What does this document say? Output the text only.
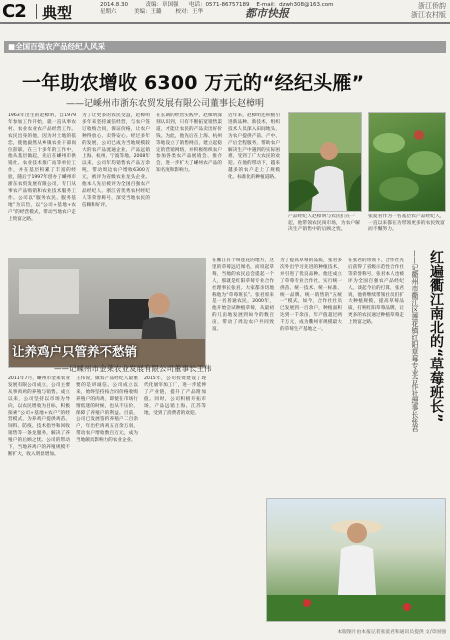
C2 典型	2014.8.30          责编：章国强      电话：0571-86757189    E-mail：dzwh308@163.com
星期六          美编：王璐        校对：王华	都市快报
浙江侨韵
浙江农村版
■全国百强农产品经纪人风采
一年助农增收 6300 万元的“经纪头雁”
——记嵊州市浙东农贸发展有限公司董事长赵樟明
1963年出生的赵樟明，自1979年参加工作开始，就一直从事农村、农业农业农产品经营工作。农民出身的他，因为对土地的依恋，使他毅然从乡镇农业干部岗位辞职。在三十多年的工作中，他从基层做起，先后在嵊州市供销社、农业技术推广站等单位工作，并在基层积累了丰富的经验，随后于1997年创办了嵊州市浙东农贸发展有限公司，专门从事农产品购销和农业技术服务工作。公司以“服务农民、服务基地”为宗旨，以“公司+基地+农户”的经营模式，带动当地农户走上致富之路。
为了让更多的农民受益，赵樟明多年来坚持诚信经营，与农户签订收购合同，保证价格，让农户种得放心、卖得安心。经过多年的发展，公司已成为当地规模较大的农产品流通企业，产品远销上海、杭州、宁波等地。2008年以来，公司年均销售农产品万余吨，带动周边农户增收6300万元，被评为省级农业龙头企业。他本人先后被评为全国百强农产品经纪人、浙江省优秀农村经纪人等荣誉称号，深受当地农民的信赖和好评。
在长期的经营实践中，赵樟明深刻认识到，只有不断拓宽销售渠道，才能让农民的产品卖出好价钱。为此，他先后在上海、杭州等地设立了销售网点，建立起稳定的营销网络，并积极组织农户参加各类农产品展销会、推介会，进一步扩大了嵊州农产品的知名度和影响力。
近年来，赵樟明还积极引进新品种、新技术，组织技术人员深入田间地头，为农户提供产前、产中、产后全程服务，帮助农户解决生产中遇到的实际困难，受到了广大农民的欢迎。在他的带动下，越来越多的农户走上了规模化、标准化的种植道路。
产品经纪人赵樟明与农民们在一起，他带领农民闯市场，为农户解决生产销售中的后顾之忧。
张爱君作为一名基层农产品经纪人，一直以来都在为带领更多的农民致富而不懈努力。
让养鸡户只管养不愁销
——记嵊州市金莱农业发展有限公司董事长王伟
2011年7月，嵊州市金莱农业发展有限公司成立，公司主要从事肉鸡的养殖与销售。成立以来，公司坚持以市场为导向，以农民增收为目标，积极探索“公司+基地+农户”的经营模式，为养鸡户提供鸡苗、饲料、防疫、技术指导和回收销售等一条龙服务，解决了养殖户的后顾之忧。公司的带动下，当地养鸡户的养殖规模不断扩大，收入明显增加。
王伟说，做农产品经纪人最重要的是讲诚信。公司成立以来，始终坚持按合同价格收购养殖户的肉鸡，即使在市场行情低迷的时候，也从不压价，保障了养殖户的利益。目前，公司已发展签约养殖户二百余户，年出栏肉鸡五百余万羽，带动农户增收数百万元，成为当地颇具影响力的农业企业。
2015年，公司投资建设了现代化屠宰加工厂，进一步延伸了产业链，提升了产品附加值。同时，公司积极开拓市场，产品远销上海、江苏等地，受到了消费者的欢迎。
在衢江有个叫莲花的地方，这里的草莓远近闻名，而说起草莓，当地的农民总会提起一个人，那就是红阳草莓专业合作社理事长张君。大家都亲切地称他为“草莓班长”。张君原来是一名普通农民，2000年，他开始尝试种植草莓，从最初的几亩地发展到如今的数百亩，带动了周边农户共同致富。
为了提高草莓的品质，张君多次外出学习先进的种植技术，并引进了优良品种。他还成立了草莓专业合作社，实行统一供苗、统一技术、统一标准、统一品牌、统一销售的“五统一”模式。如今，合作社社员已发展到一百余户，种植面积达到一千余亩，年产值超过两千万元，成为衢州市规模最大的草莓生产基地之一。
在张君的带领下，合作社先后获得了省级示范性合作社等荣誉称号，张君本人也被评为全国百强农产品经纪人。谈起今后的打算，张君说，他将继续带领社员们扩大种植规模，提高草莓品质，打响红阳草莓品牌，让更多的农民通过种植草莓走上致富之路。	红遍衢江南北的“草莓班长”
——记衢州市衢江区莲花镇红阳草莓专业合作社理事长张君
本版图片由本报记者张爱君和通讯员提供 文/章国强
